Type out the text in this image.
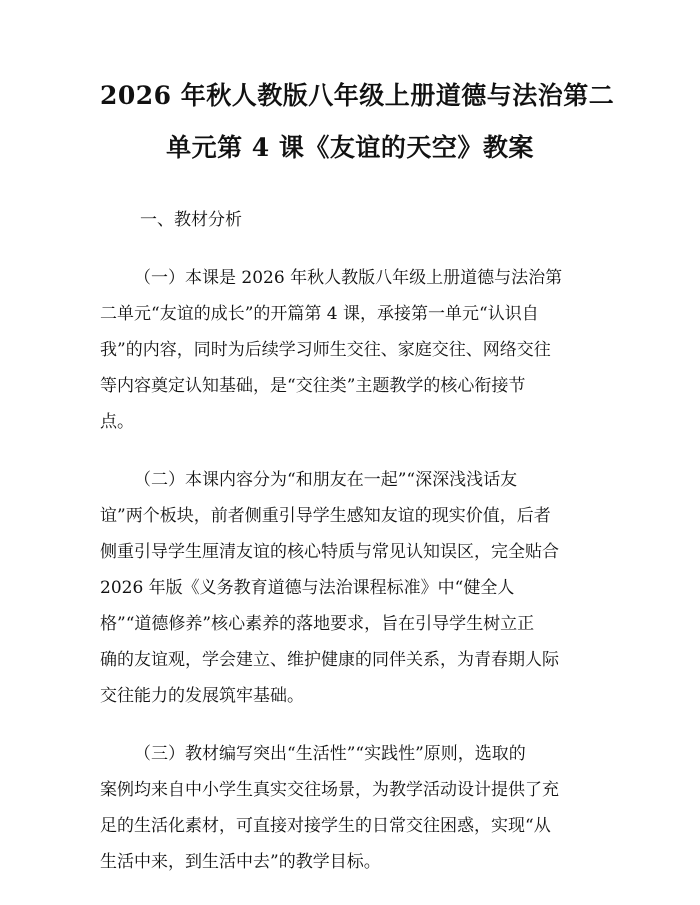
2026 年秋人教版八年级上册道德与法治第二
单元第 4 课《友谊的天空》教案
一、教材分析
（一）本课是 2026 年秋人教版八年级上册道德与法治第
二单元“友谊的成长”的开篇第 4 课，承接第一单元“认识自
我”的内容，同时为后续学习师生交往、家庭交往、网络交往
等内容奠定认知基础，是“交往类”主题教学的核心衔接节
点。
（二）本课内容分为“和朋友在一起”“深深浅浅话友
谊”两个板块，前者侧重引导学生感知友谊的现实价值，后者
侧重引导学生厘清友谊的核心特质与常见认知误区，完全贴合
2026 年版《义务教育道德与法治课程标准》中“健全人
格”“道德修养”核心素养的落地要求，旨在引导学生树立正
确的友谊观，学会建立、维护健康的同伴关系，为青春期人际
交往能力的发展筑牢基础。
（三）教材编写突出“生活性”“实践性”原则，选取的
案例均来自中小学生真实交往场景，为教学活动设计提供了充
足的生活化素材，可直接对接学生的日常交往困惑，实现“从
生活中来，到生活中去”的教学目标。
